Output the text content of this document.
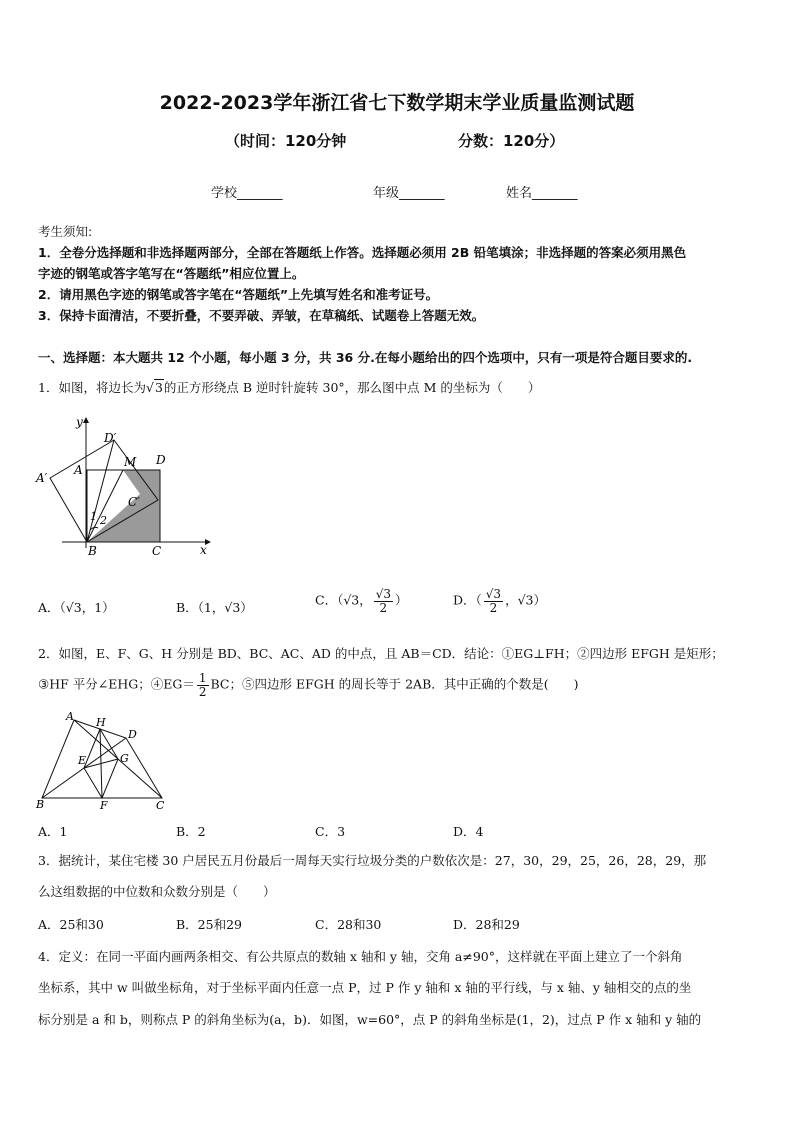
2022-2023学年浙江省七下数学期末学业质量监测试题
（时间：120分钟	分数：120分）
学校_______	年级_______	姓名_______
考生须知:
1．全卷分选择题和非选择题两部分，全部在答题纸上作答。选择题必须用 2B 铅笔填涂；非选择题的答案必须用黑色
字迹的钢笔或答字笔写在“答题纸”相应位置上。
2．请用黑色字迹的钢笔或答字笔在“答题纸”上先填写姓名和准考证号。
3．保持卡面清洁，不要折叠，不要弄破、弄皱，在草稿纸、试题卷上答题无效。
一、选择题：本大题共 12 个小题，每小题 3 分，共 36 分.在每小题给出的四个选项中，只有一项是符合题目要求的.
1．如图，将边长为√3的正方形绕点 B 逆时针旋转 30°，那么图中点 M 的坐标为（　　）
y
D′
A
M D
A′
C′
1 2
B	C	x
A．（√3，1）	B．（1，√3）	C．（√3， $\frac{√3}{2}$ ）	D．（ $\frac{√3}{2}$ ，√3）
2．如图，E、F、G、H 分别是 BD、BC、AC、AD 的中点，且 AB＝CD．结论：①EG⊥FH；②四边形 EFGH 是矩形；
③HF 平分∠EHG；④EG＝ $\frac{1}{2}$ BC；⑤四边形 EFGH 的周长等于 2AB．其中正确的个数是(　　)
A H
D
E	G
B	F	C
A．1	B．2	C．3	D．4
3．据统计，某住宅楼 30 户居民五月份最后一周每天实行垃圾分类的户数依次是：27，30，29，25，26，28，29，那
么这组数据的中位数和众数分别是（　　）
A．25和30	B．25和29	C．28和30	D．28和29
4．定义：在同一平面内画两条相交、有公共原点的数轴 x 轴和 y 轴，交角 a≠90°，这样就在平面上建立了一个斜角
坐标系，其中 w 叫做坐标角，对于坐标平面内任意一点 P，过 P 作 y 轴和 x 轴的平行线，与 x 轴、y 轴相交的点的坐
标分别是 a 和 b，则称点 P 的斜角坐标为(a，b)．如图，w=60°，点 P 的斜角坐标是(1，2)，过点 P 作 x 轴和 y 轴的
